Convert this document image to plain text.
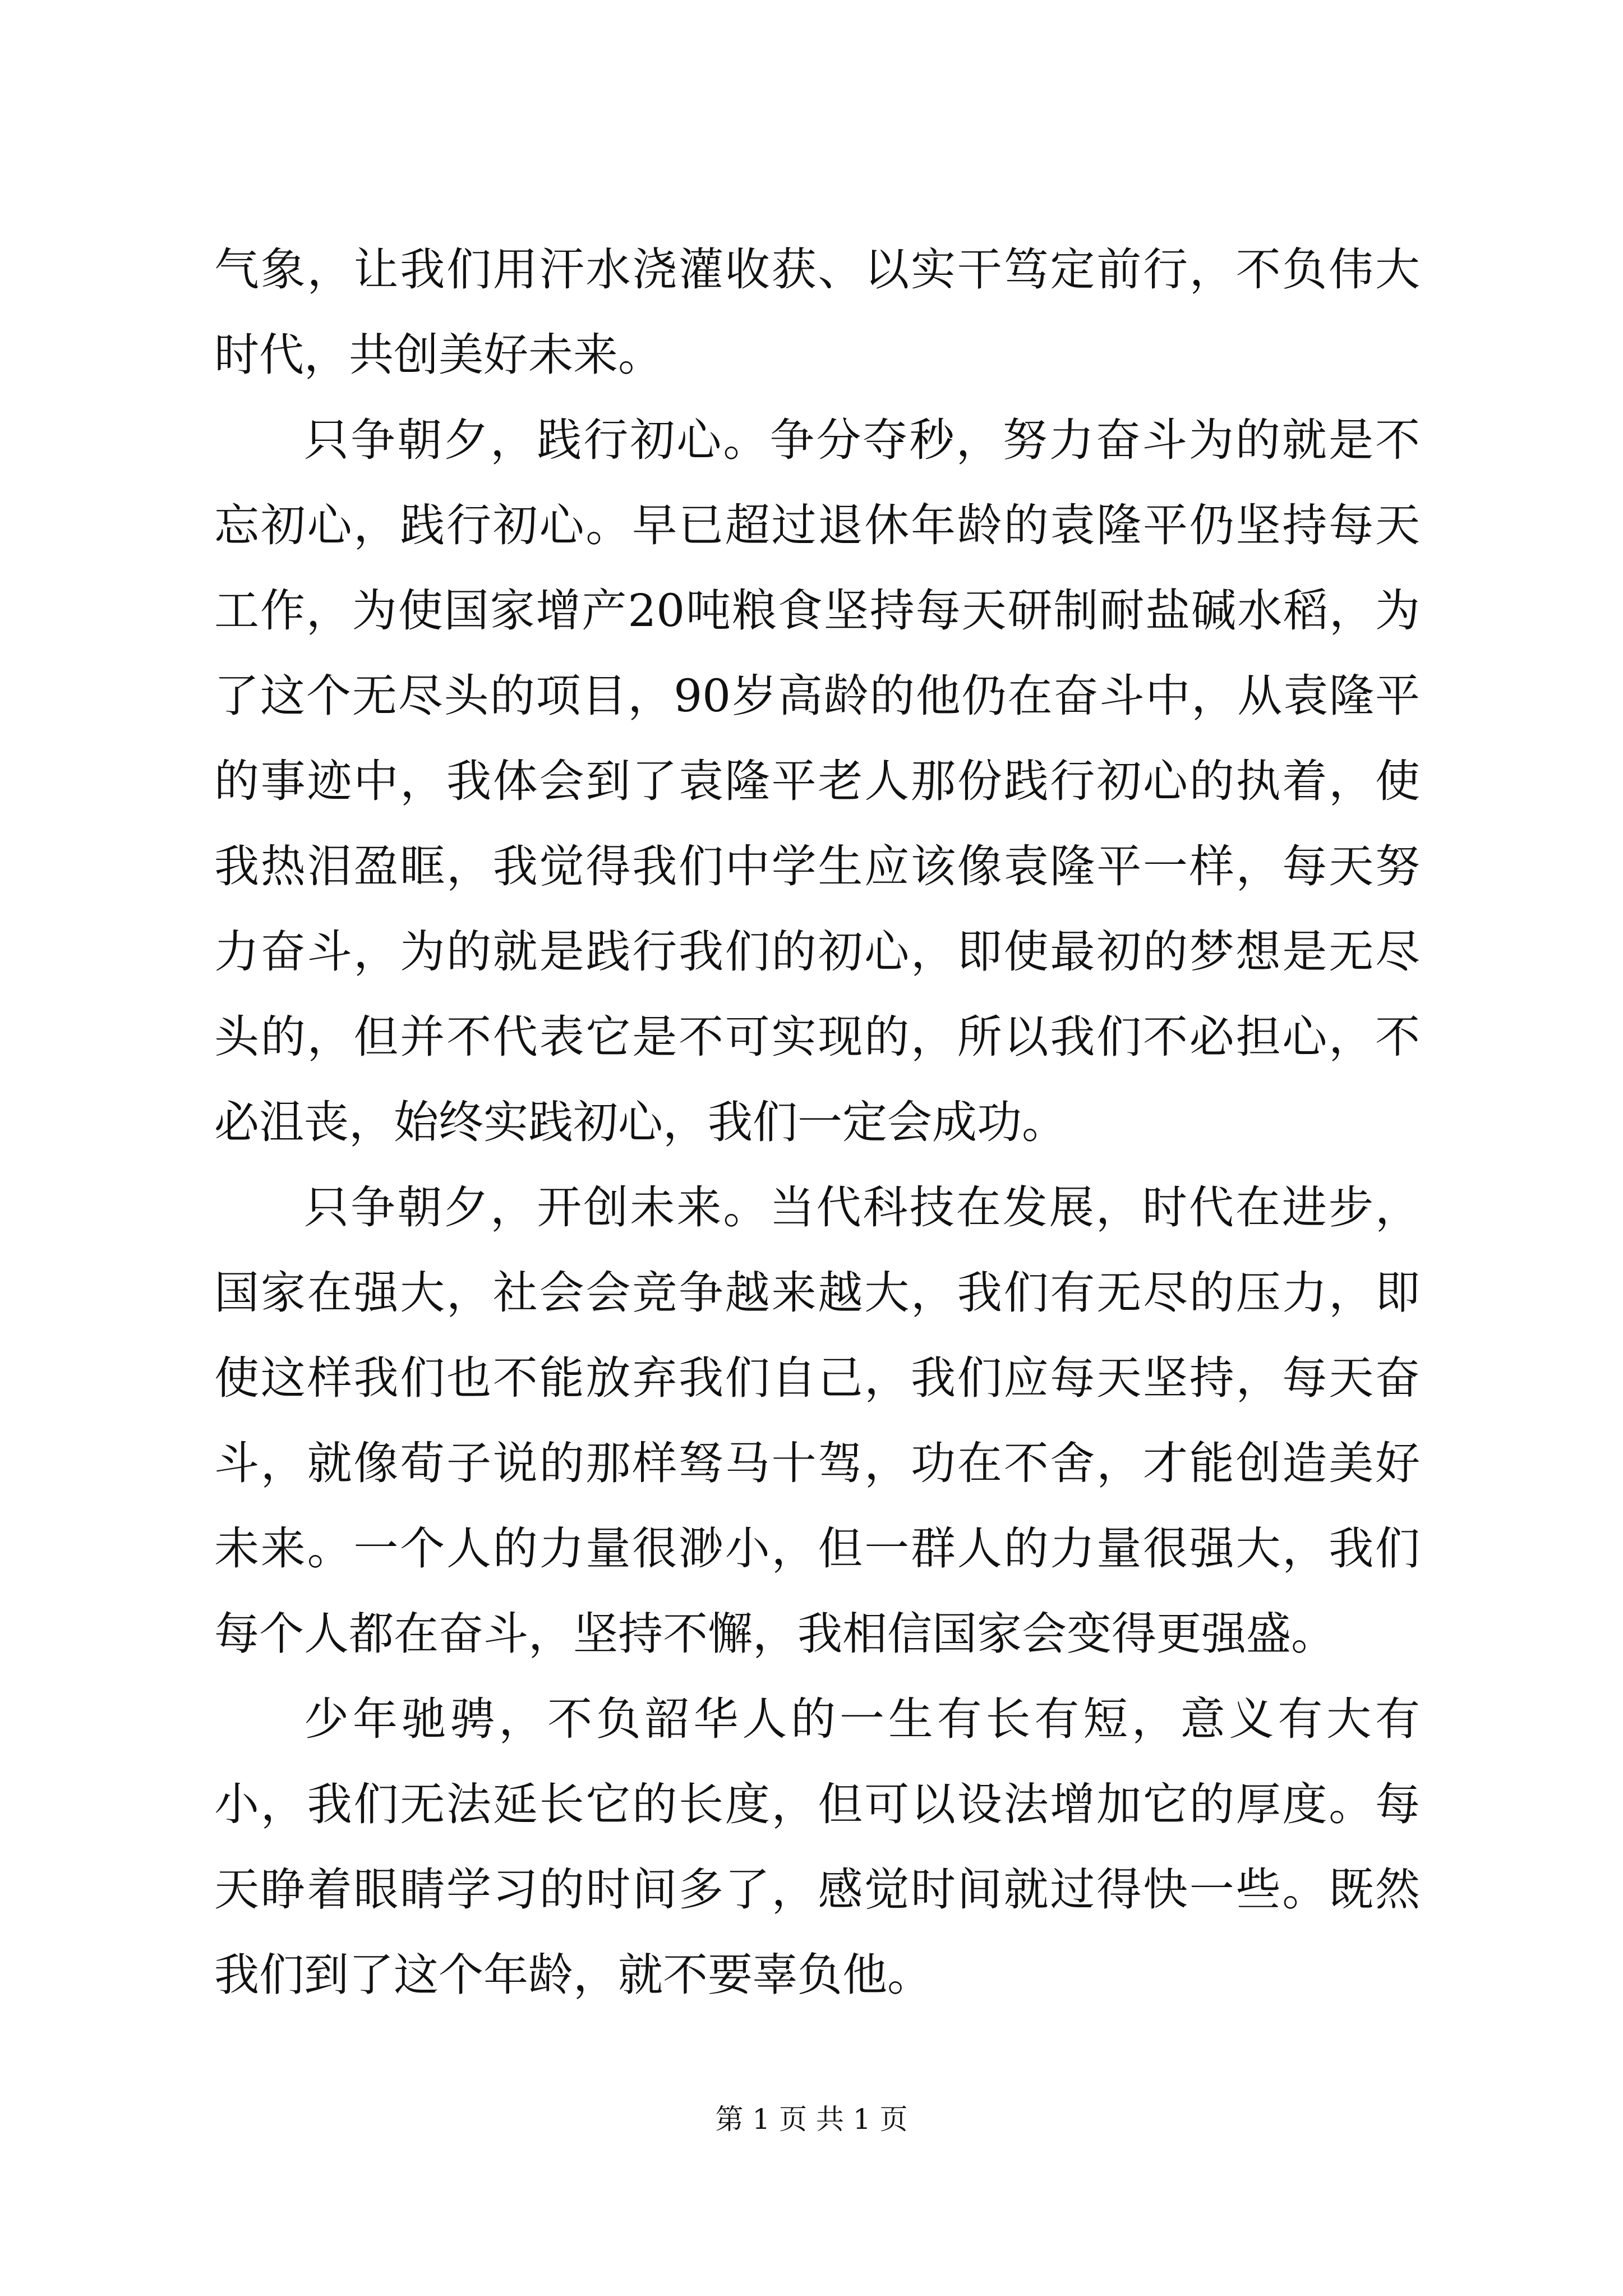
气象，让我们用汗水浇灌收获、以实干笃定前行，不负伟大时代，共创美好未来。

只争朝夕，践行初心。争分夺秒，努力奋斗为的就是不忘初心，践行初心。早已超过退休年龄的袁隆平仍坚持每天工作，为使国家增产20吨粮食坚持每天研制耐盐碱水稻，为了这个无尽头的项目，90岁高龄的他仍在奋斗中，从袁隆平的事迹中，我体会到了袁隆平老人那份践行初心的执着，使我热泪盈眶，我觉得我们中学生应该像袁隆平一样，每天努力奋斗，为的就是践行我们的初心，即使最初的梦想是无尽头的，但并不代表它是不可实现的，所以我们不必担心，不必沮丧，始终实践初心，我们一定会成功。

只争朝夕，开创未来。当代科技在发展，时代在进步，国家在强大，社会会竞争越来越大，我们有无尽的压力，即使这样我们也不能放弃我们自己，我们应每天坚持，每天奋斗，就像荀子说的那样驽马十驾，功在不舍，才能创造美好未来。一个人的力量很渺小，但一群人的力量很强大，我们每个人都在奋斗，坚持不懈，我相信国家会变得更强盛。

少年驰骋，不负韶华人的一生有长有短，意义有大有小，我们无法延长它的长度，但可以设法增加它的厚度。每天睁着眼睛学习的时间多了，感觉时间就过得快一些。既然我们到了这个年龄，就不要辜负他。

第 1 页 共 1 页
